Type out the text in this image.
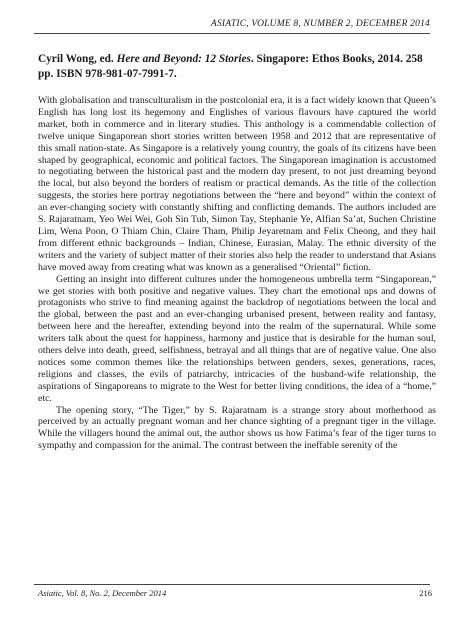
ASIATIC, VOLUME 8, NUMBER 2, DECEMBER 2014
Cyril Wong, ed. Here and Beyond: 12 Stories. Singapore: Ethos Books, 2014. 258 pp. ISBN 978-981-07-7991-7.

With globalisation and transculturalism in the postcolonial era, it is a fact widely known that Queen’s English has long lost its hegemony and Englishes of various flavours have captured the world market, both in commerce and in literary studies. This anthology is a commendable collection of twelve unique Singaporean short stories written between 1958 and 2012 that are representative of this small nation-state. As Singapore is a relatively young country, the goals of its citizens have been shaped by geographical, economic and political factors. The Singaporean imagination is accustomed to negotiating between the historical past and the modern day present, to not just dreaming beyond the local, but also beyond the borders of realism or practical demands. As the title of the collection suggests, the stories here portray negotiations between the “here and beyond” within the context of an ever-changing society with constantly shifting and conflicting demands. The authors included are S. Rajaratnam, Yeo Wei Wei, Goh Sin Tub, Simon Tay, Stephanie Ye, Alfian Sa’at, Suchen Christine Lim, Wena Poon, O Thiam Chin, Claire Tham, Philip Jeyaretnam and Felix Cheong, and they hail from different ethnic backgrounds – Indian, Chinese, Eurasian, Malay. The ethnic diversity of the writers and the variety of subject matter of their stories also help the reader to understand that Asians have moved away from creating what was known as a generalised “Oriental” fiction.

Getting an insight into different cultures under the homogeneous umbrella term “Singaporean,” we get stories with both positive and negative values. They chart the emotional ups and downs of protagonists who strive to find meaning against the backdrop of negotiations between the local and the global, between the past and an ever-changing urbanised present, between reality and fantasy, between here and the hereafter, extending beyond into the realm of the supernatural. While some writers talk about the quest for happiness, harmony and justice that is desirable for the human soul, others delve into death, greed, selfishness, betrayal and all things that are of negative value. One also notices some common themes like the relationships between genders, sexes, generations, races, religions and classes, the evils of patriarchy, intricacies of the husband-wife relationship, the aspirations of Singaporeans to migrate to the West for better living conditions, the idea of a “home,” etc.

The opening story, “The Tiger,” by S. Rajaratnam is a strange story about motherhood as perceived by an actually pregnant woman and her chance sighting of a pregnant tiger in the village. While the villagers hound the animal out, the author shows us how Fatima’s fear of the tiger turns to sympathy and compassion for the animal. The contrast between the ineffable serenity of the

Asiatic, Vol. 8, No. 2, December 2014	216
